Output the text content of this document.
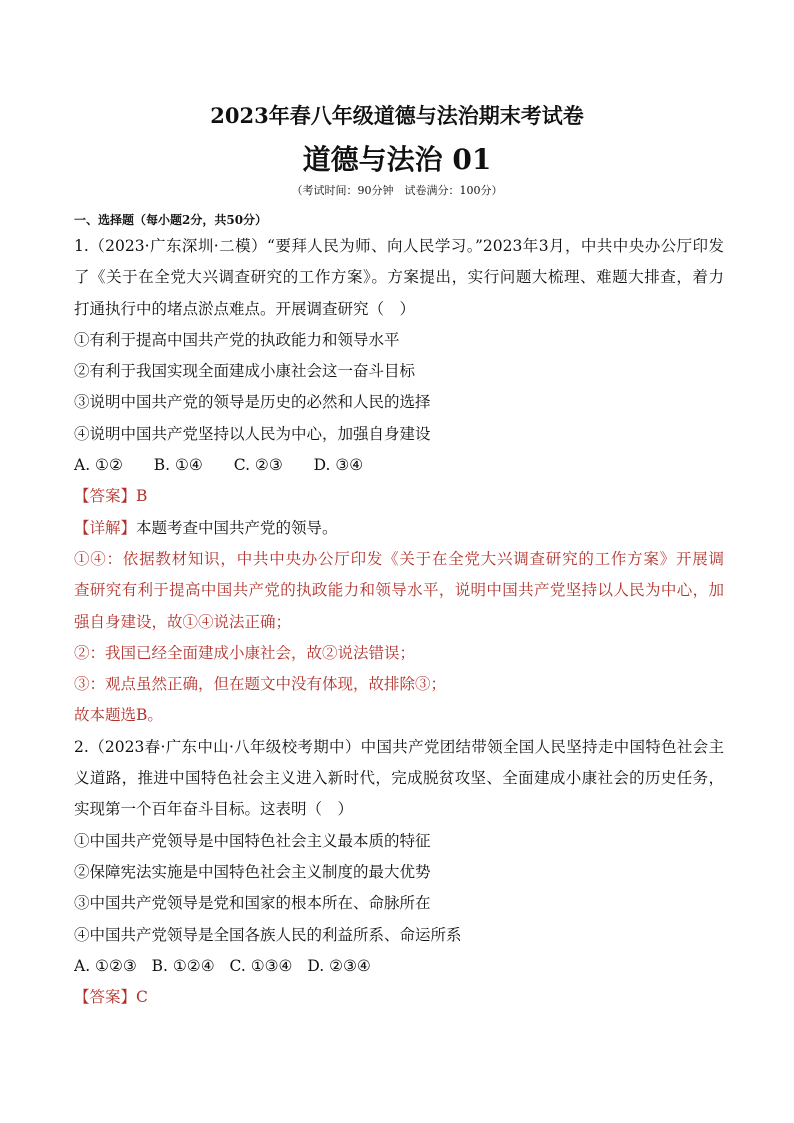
2023年春八年级道德与法治期末考试卷
道德与法治 01
（考试时间：90分钟　试卷满分：100分）
一、选择题（每小题2分，共50分）
1.（2023·广东深圳·二模）“要拜人民为师、向人民学习。”2023年3月，中共中央办公厅印发
了《关于在全党大兴调查研究的工作方案》。方案提出，实行问题大梳理、难题大排查，着力
打通执行中的堵点淤点难点。开展调查研究（　）
①有利于提高中国共产党的执政能力和领导水平
②有利于我国实现全面建成小康社会这一奋斗目标
③说明中国共产党的领导是历史的必然和人民的选择
④说明中国共产党坚持以人民为中心，加强自身建设
A. ①② B. ①④ C. ②③ D. ③④
【答案】B
【详解】本题考查中国共产党的领导。
①④：依据教材知识，中共中央办公厅印发《关于在全党大兴调查研究的工作方案》开展调
查研究有利于提高中国共产党的执政能力和领导水平，说明中国共产党坚持以人民为中心，加
强自身建设，故①④说法正确；
②：我国已经全面建成小康社会，故②说法错误；
③：观点虽然正确，但在题文中没有体现，故排除③；
故本题选B。
2.（2023春·广东中山·八年级校考期中）中国共产党团结带领全国人民坚持走中国特色社会主
义道路，推进中国特色社会主义进入新时代，完成脱贫攻坚、全面建成小康社会的历史任务，
实现第一个百年奋斗目标。这表明（　）
①中国共产党领导是中国特色社会主义最本质的特征
②保障宪法实施是中国特色社会主义制度的最大优势
③中国共产党领导是党和国家的根本所在、命脉所在
④中国共产党领导是全国各族人民的利益所系、命运所系
A. ①②③ B. ①②④ C. ①③④ D. ②③④
【答案】C
